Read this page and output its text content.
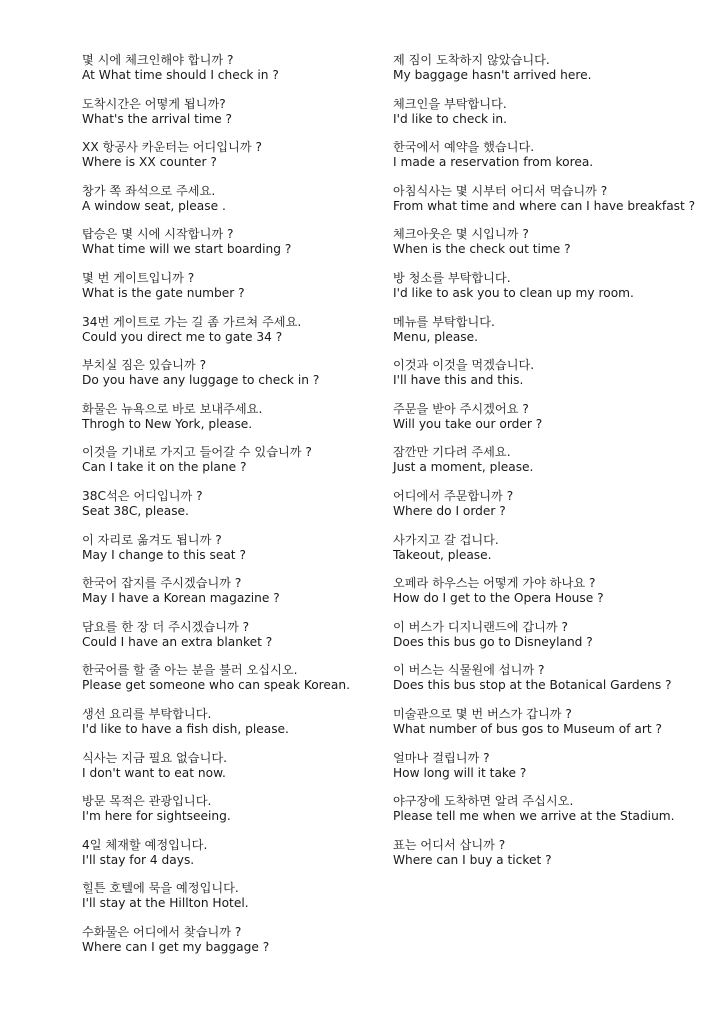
몇 시에 체크인해야 합니까 ?
At What time should I check in ?
도착시간은 어떻게 됩니까?
What's the arrival time ?
XX 항공사 카운터는 어디입니까 ?
Where is XX counter ?
창가 쪽 좌석으로 주세요.
A window seat, please .
탑승은 몇 시에 시작합니까 ?
What time will we start boarding ?
몇 번 게이트입니까 ?
What is the gate number ?
34번 게이트로 가는 길 좀 가르쳐 주세요.
Could you direct me to gate 34 ?
부치실 짐은 있습니까 ?
Do you have any luggage to check in ?
화물은 뉴욕으로 바로 보내주세요.
Throgh to New York, please.
이것을 기내로 가지고 들어갈 수 있습니까 ?
Can I take it on the plane ?
38C석은 어디입니까 ?
Seat 38C, please.
이 자리로 옮겨도 됩니까 ?
May I change to this seat ?
한국어 잡지를 주시겠습니까 ?
May I have a Korean magazine ?
담요를 한 장 더 주시겠습니까 ?
Could I have an extra blanket ?
한국어를 할 줄 아는 분을 불러 오십시오.
Please get someone who can speak Korean.
생선 요리를 부탁합니다.
I'd like to have a fish dish, please.
식사는 지금 필요 없습니다.
I don't want to eat now.
방문 목적은 관광입니다.
I'm here for sightseeing.
4일 체재할 예정입니다.
I'll stay for 4 days.
힐튼 호텔에 묵을 예정입니다.
I'll stay at the Hillton Hotel.
수화물은 어디에서 찾습니까 ?
Where can I get my baggage ?
제 짐이 도착하지 않았습니다.
My baggage hasn't arrived here.
체크인을 부탁합니다.
I'd like to check in.
한국에서 예약을 했습니다.
I made a reservation from korea.
아침식사는 몇 시부터 어디서 먹습니까 ?
From what time and where can I have breakfast ?
체크아웃은 몇 시입니까 ?
When is the check out time ?
방 청소를 부탁합니다.
I'd like to ask you to clean up my room.
메뉴를 부탁합니다.
Menu, please.
이것과 이것을 먹겠습니다.
I'll have this and this.
주문을 받아 주시겠어요 ?
Will you take our order ?
잠깐만 기다려 주세요.
Just a moment, please.
어디에서 주문합니까 ?
Where do I order ?
사가지고 갈 겁니다.
Takeout, please.
오페라 하우스는 어떻게 가야 하나요 ?
How do I get to the Opera House ?
이 버스가 디지니랜드에 갑니까 ?
Does this bus go to Disneyland ?
이 버스는 식물원에 섭니까 ?
Does this bus stop at the Botanical Gardens ?
미술관으로 몇 번 버스가 갑니까 ?
What number of bus gos to Museum of art ?
얼마나 걸립니까 ?
How long will it take ?
야구장에 도착하면 알려 주십시오.
Please tell me when we arrive at the Stadium.
표는 어디서 삽니까 ?
Where can I buy a ticket ?
